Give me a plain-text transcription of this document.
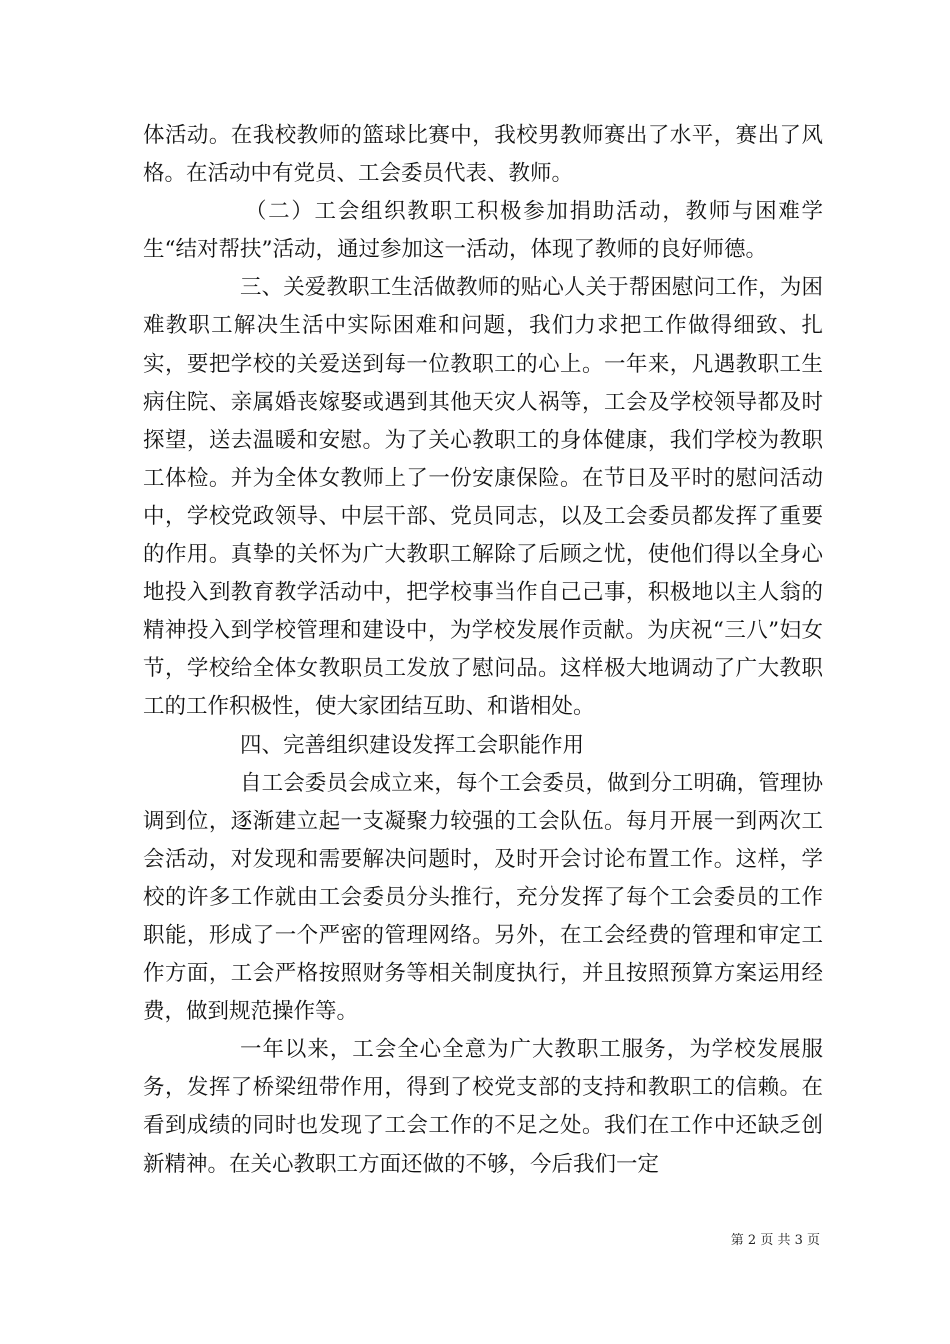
体活动。在我校教师的篮球比赛中，我校男教师赛出了水平，赛出了风格。在活动中有党员、工会委员代表、教师。

（二）工会组织教职工积极参加捐助活动，教师与困难学生“结对帮扶”活动，通过参加这一活动，体现了教师的良好师德。

三、关爱教职工生活做教师的贴心人关于帮困慰问工作，为困难教职工解决生活中实际困难和问题，我们力求把工作做得细致、扎实，要把学校的关爱送到每一位教职工的心上。一年来，凡遇教职工生病住院、亲属婚丧嫁娶或遇到其他天灾人祸等，工会及学校领导都及时探望，送去温暖和安慰。为了关心教职工的身体健康，我们学校为教职工体检。并为全体女教师上了一份安康保险。在节日及平时的慰问活动中，学校党政领导、中层干部、党员同志，以及工会委员都发挥了重要的作用。真挚的关怀为广大教职工解除了后顾之忧，使他们得以全身心地投入到教育教学活动中，把学校事当作自己己事，积极地以主人翁的精神投入到学校管理和建设中，为学校发展作贡献。为庆祝“三八”妇女节，学校给全体女教职员工发放了慰问品。这样极大地调动了广大教职工的工作积极性，使大家团结互助、和谐相处。

四、完善组织建设发挥工会职能作用

自工会委员会成立来，每个工会委员，做到分工明确，管理协调到位，逐渐建立起一支凝聚力较强的工会队伍。每月开展一到两次工会活动，对发现和需要解决问题时，及时开会讨论布置工作。这样，学校的许多工作就由工会委员分头推行，充分发挥了每个工会委员的工作职能，形成了一个严密的管理网络。另外，在工会经费的管理和审定工作方面，工会严格按照财务等相关制度执行，并且按照预算方案运用经费，做到规范操作等。

一年以来，工会全心全意为广大教职工服务，为学校发展服务，发挥了桥梁纽带作用，得到了校党支部的支持和教职工的信赖。在看到成绩的同时也发现了工会工作的不足之处。我们在工作中还缺乏创新精神。在关心教职工方面还做的不够，今后我们一定

第 2 页 共 3 页
